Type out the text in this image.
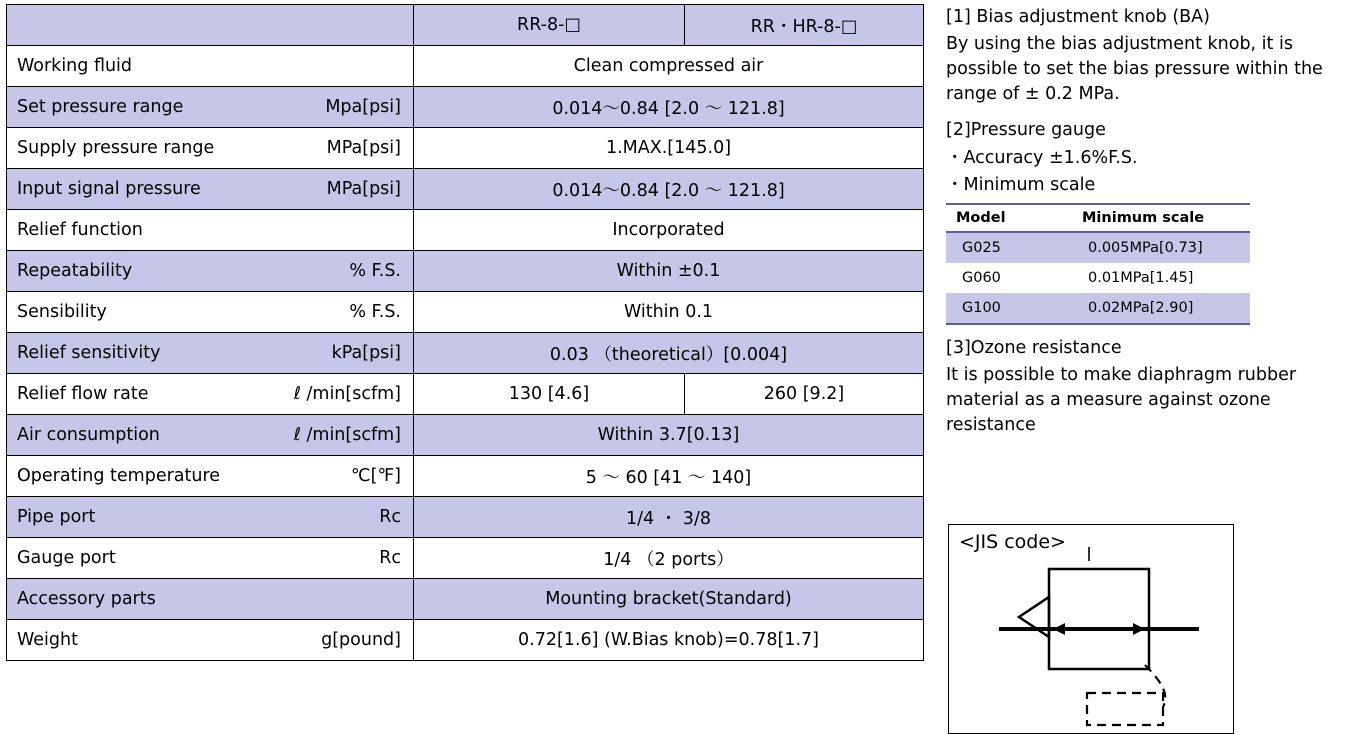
	RR-8-□	RR・HR-8-□

Working fluid	Clean compressed air	

Set pressure range Mpa[psi]	0.014〜0.84 [2.0 〜 121.8]	

Supply pressure range MPa[psi]	1.MAX.[145.0]	

Input signal pressure MPa[psi]	0.014〜0.84 [2.0 〜 121.8]	

Relief function	Incorporated	

Repeatability % F.S.	Within ±0.1	

Sensibility % F.S.	Within 0.1	

Relief sensitivity kPa[psi]	0.03 （theoretical）[0.004]	

Relief flow rate ℓ /min[scfm]	130 [4.6]	260 [9.2]

Air consumption ℓ /min[scfm]	Within 3.7[0.13]	

Operating temperature ℃[℉]	5 〜 60 [41 〜 140]	

Pipe port Rc	1/4 ・ 3/8	

Gauge port Rc	1/4 （2 ports）	

Accessory parts	Mounting bracket(Standard)	

Weight g[pound]	0.72[1.6] (W.Bias knob)=0.78[1.7]	

[1] Bias adjustment knob (BA)

By using the bias adjustment knob, it is possible to set the bias pressure within the range of ± 0.2 MPa.

[2]Pressure gauge

・Accuracy ±1.6%F.S.

・Minimum scale

Model	Minimum scale
G025	0.005MPa[0.73]
G060	0.01MPa[1.45]
G100	0.02MPa[2.90]

[3]Ozone resistance

It is possible to make diaphragm rubber material as a measure against ozone resistance

<JIS code>
